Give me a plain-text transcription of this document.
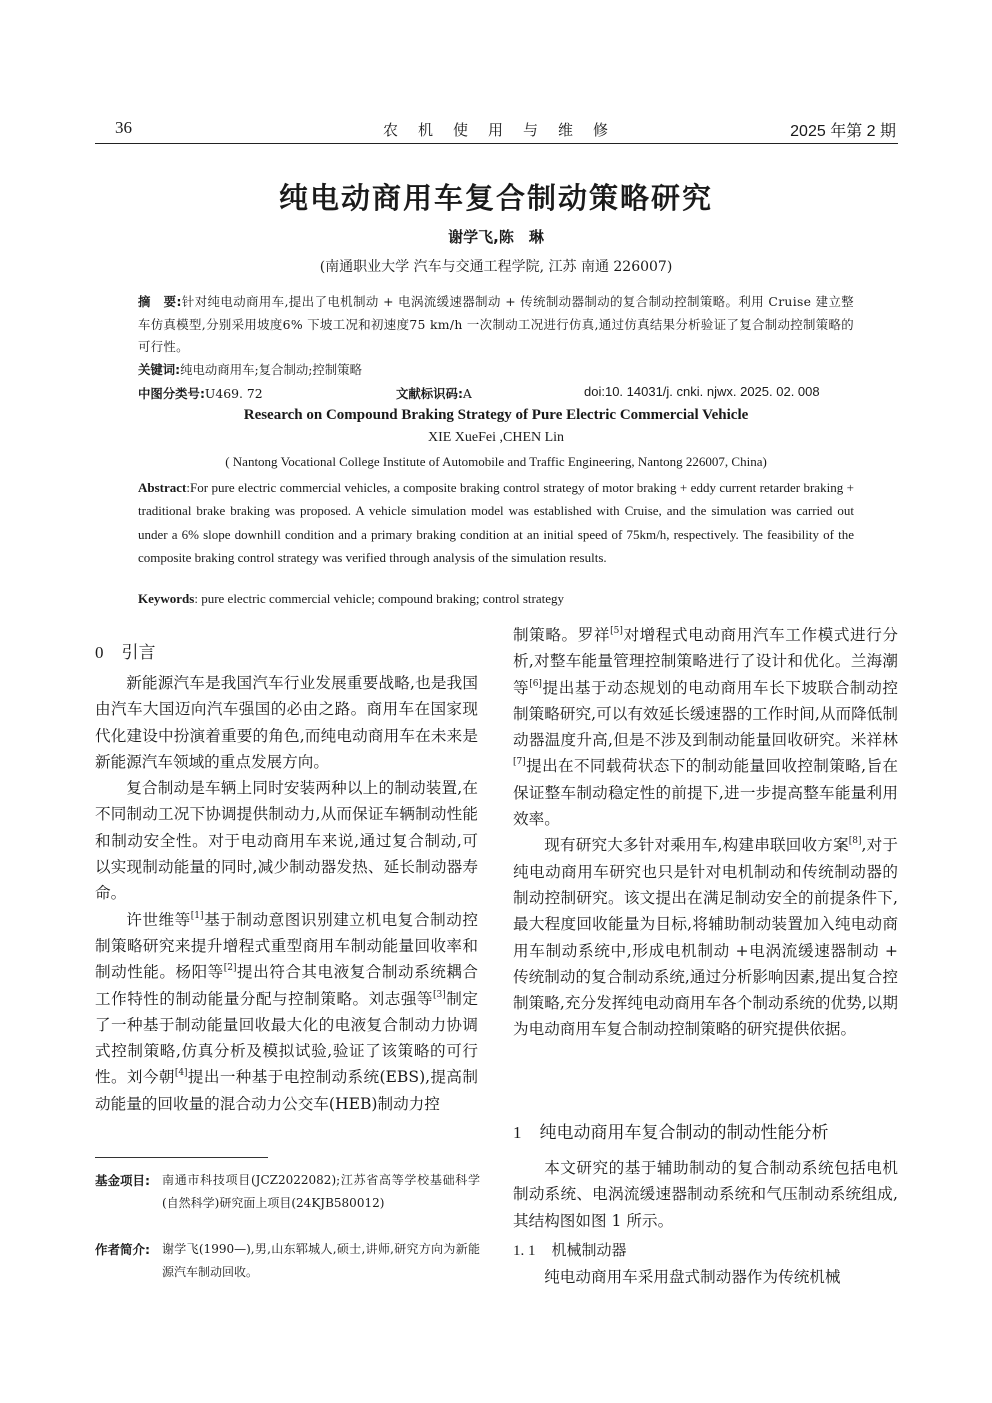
36	农机使用与维修	2025 年第 2 期
纯电动商用车复合制动策略研究
谢学飞,陈　琳
(南通职业大学 汽车与交通工程学院, 江苏 南通 226007)
摘　要:针对纯电动商用车,提出了电机制动 + 电涡流缓速器制动 + 传统制动器制动的复合制动控制策略。利用 Cruise 建立整车仿真模型,分别采用坡度6% 下坡工况和初速度75 km/h 一次制动工况进行仿真,通过仿真结果分析验证了复合制动控制策略的可行性。
关键词:纯电动商用车;复合制动;控制策略
中图分类号:U469. 72	文献标识码:A	doi:10. 14031/j. cnki. njwx. 2025. 02. 008
Research on Compound Braking Strategy of Pure Electric Commercial Vehicle
XIE XueFei ,CHEN Lin
( Nantong Vocational College Institute of Automobile and Traffic Engineering, Nantong 226007, China)
Abstract:For pure electric commercial vehicles, a composite braking control strategy of motor braking + eddy current retarder braking + traditional brake braking was proposed. A vehicle simulation model was established with Cruise, and the simulation was carried out under a 6% slope downhill condition and a primary braking condition at an initial speed of 75km/h, respectively. The feasibility of the composite braking control strategy was verified through analysis of the simulation results.
Keywords: pure electric commercial vehicle; compound braking; control strategy
0 引言

新能源汽车是我国汽车行业发展重要战略,也是我国由汽车大国迈向汽车强国的必由之路。商用车在国家现代化建设中扮演着重要的角色,而纯电动商用车在未来是新能源汽车领域的重点发展方向。

复合制动是车辆上同时安装两种以上的制动装置,在不同制动工况下协调提供制动力,从而保证车辆制动性能和制动安全性。对于电动商用车来说,通过复合制动,可以实现制动能量的同时,减少制动器发热、延长制动器寿命。

许世维等[1]基于制动意图识别建立机电复合制动控制策略研究来提升增程式重型商用车制动能量回收率和制动性能。杨阳等[2]提出符合其电液复合制动系统耦合工作特性的制动能量分配与控制策略。刘志强等[3]制定了一种基于制动能量回收最大化的电液复合制动力协调式控制策略,仿真分析及模拟试验,验证了该策略的可行性。刘今朝[4]提出一种基于电控制动系统(EBS),提高制动能量的回收量的混合动力公交车(HEB)制动力控

基金项目: 南通市科技项目(JCZ2022082);江苏省高等学校基础科学(自然科学)研究面上项目(24KJB580012)
作者简介: 谢学飞(1990—),男,山东郓城人,硕士,讲师,研究方向为新能源汽车制动回收。

制策略。罗祥[5]对增程式电动商用汽车工作模式进行分析,对整车能量管理控制策略进行了设计和优化。兰海潮等[6]提出基于动态规划的电动商用车长下坡联合制动控制策略研究,可以有效延长缓速器的工作时间,从而降低制动器温度升高,但是不涉及到制动能量回收研究。米祥林[7]提出在不同载荷状态下的制动能量回收控制策略,旨在保证整车制动稳定性的前提下,进一步提高整车能量利用效率。

现有研究大多针对乘用车,构建串联回收方案[8],对于纯电动商用车研究也只是针对电机制动和传统制动器的制动控制研究。该文提出在满足制动安全的前提条件下,最大程度回收能量为目标,将辅助制动装置加入纯电动商用车制动系统中,形成电机制动 +电涡流缓速器制动 + 传统制动的复合制动系统,通过分析影响因素,提出复合控制策略,充分发挥纯电动商用车各个制动系统的优势,以期为电动商用车复合制动控制策略的研究提供依据。

1 纯电动商用车复合制动的制动性能分析

本文研究的基于辅助制动的复合制动系统包括电机制动系统、电涡流缓速器制动系统和气压制动系统组成,其结构图如图 1 所示。

1. 1 机械制动器

纯电动商用车采用盘式制动器作为传统机械
